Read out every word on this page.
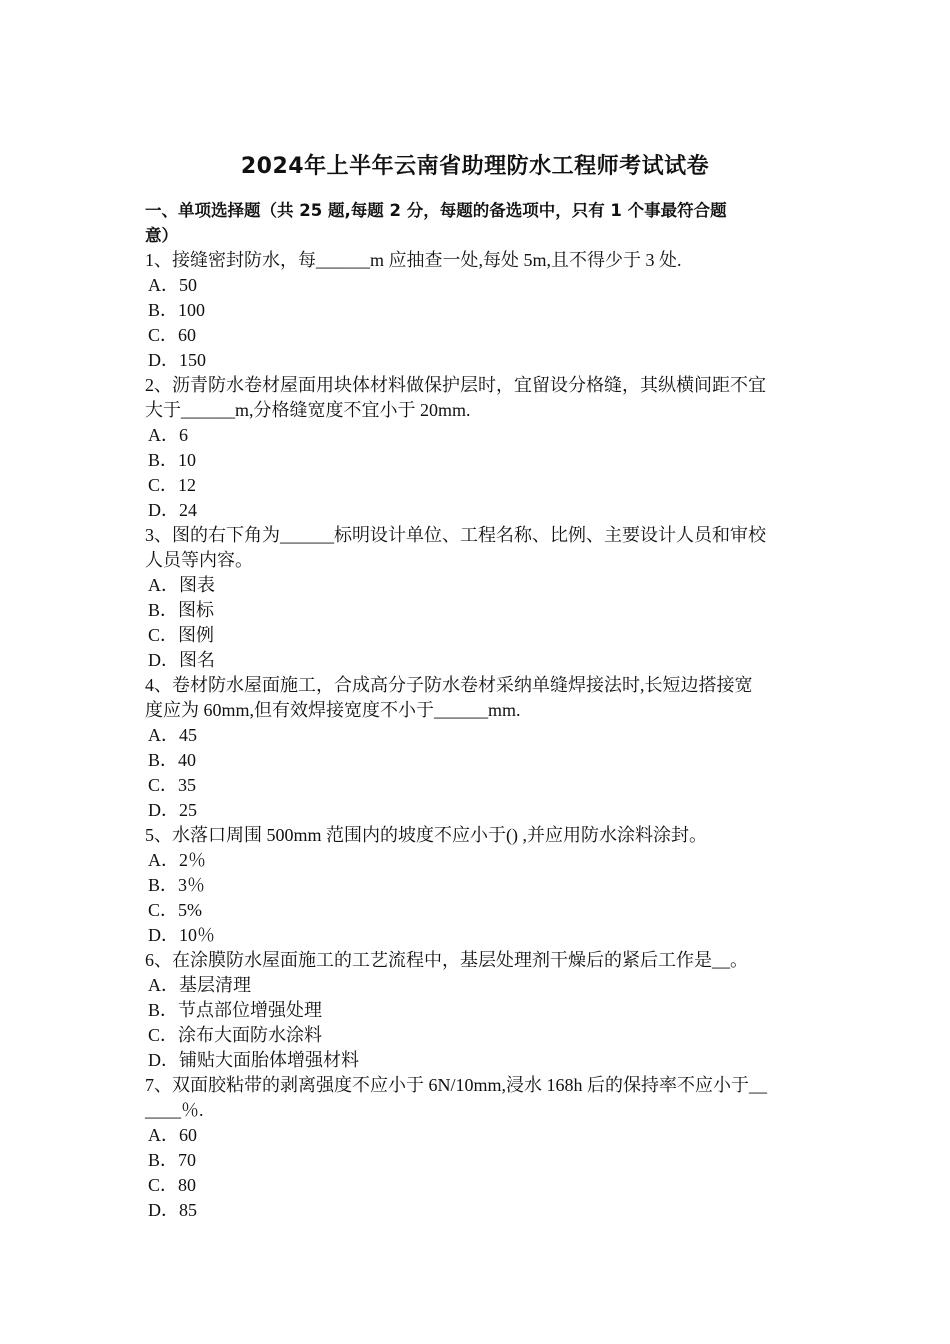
2024年上半年云南省助理防水工程师考试试卷
一、单项选择题（共 25 题,每题 2 分，每题的备选项中，只有 1 个事最符合题
意）
1、接缝密封防水，每______m 应抽查一处,每处 5m,且不得少于 3 处.
A．50
B．100
C．60
D．150
2、沥青防水卷材屋面用块体材料做保护层时，宜留设分格缝，其纵横间距不宜
大于______m,分格缝宽度不宜小于 20mm.
A．6
B．10
C．12
D．24
3、图的右下角为______标明设计单位、工程名称、比例、主要设计人员和审校
人员等内容。
A．图表
B．图标
C．图例
D．图名
4、卷材防水屋面施工，合成高分子防水卷材采纳单缝焊接法时,长短边搭接宽
度应为 60mm,但有效焊接宽度不小于______mm.
A．45
B．40
C．35
D．25
5、水落口周围 500mm 范围内的坡度不应小于() ,并应用防水涂料涂封。
A．2％
B．3％
C．5%
D．10％
6、在涂膜防水屋面施工的工艺流程中，基层处理剂干燥后的紧后工作是__。
A．基层清理
B．节点部位增强处理
C．涂布大面防水涂料
D．铺贴大面胎体增强材料
7、双面胶粘带的剥离强度不应小于 6N/10mm,浸水 168h 后的保持率不应小于__
____％.
A．60
B．70
C．80
D．85
